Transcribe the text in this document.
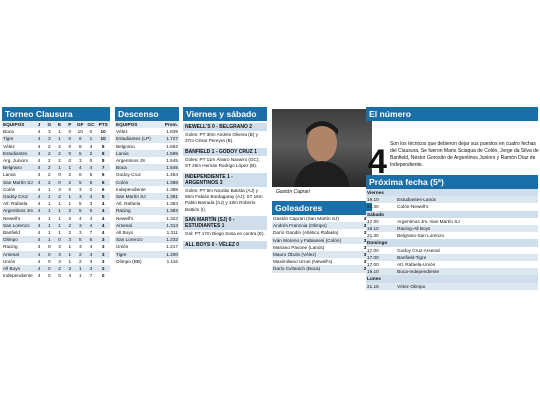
Torneo Clausura
EQUIPOS	J	G	E	P	GF	GC	PTS
Boca	4	3	1	0	10	0	10
Tigre	4	3	1	0	6	1	10
Vélez	4	2	2	0	8	3	8
Estudiantes	4	2	2	0	5	2	8
Arg. Juniors	4	2	2	0	3	0	8
Belgrano	4	2	1	1	4	4	7
Lanús	4	2	0	2	6	5	6
San Martín SJ	4	2	0	2	5	5	6
Colón	4	1	3	0	3	2	6
Godoy Cruz	4	1	2	1	3	4	5
Atl. Rafaela	4	1	1	1	5	3	4
Argentinos Jrs	4	1	1	2	5	5	4
Newell's	4	1	1	2	4	4	4
San Lorenzo	4	1	1	2	3	4	4
Banfield	4	1	1	2	3	7	4
Olimpo	4	1	0	3	5	6	3
Racing	4	0	3	1	3	4	3
Arsenal	4	0	3	1	2	3	3
Unión	4	0	3	1	2	3	3
All Boys	4	0	2	2	1	3	2
Independiente	4	0	0	4	1	7	0
Descenso
EQUIPOS	Prom.
Vélez	1.839
Estudiantes (LP)	1.727
Belgrano	1.652
Lanús	1.595
Argentinos JS	1.545
Boca	1.545
Godoy Cruz	1.484
Colón	1.388
Independiente	1.388
San Martín SJ	1.391
Atl. Rafaela	1.383
Racing	1.383
Newell's	1.323
Arsenal	1.313
All Boys	1.311
San Lorenzo	1.232
Unión	1.217
Tigre	1.200
Olimpo (BB)	1.116
Viernes y sábado
NEWELL'S 0 - BELGRANO 2
Goles: PT 30m Andrés Olivera (B) y 37m César Pereyra (B).
BANFIELD 1 - GODOY CRUZ 1
Goles: PT 11m Álvaro Navarro (GC); ST 26m Hernán Rodrigo López (B).
INDEPENDIENTE 1 - ARGENTINOS 3
Goles: PT 9m Nicolás Batista (AJ) y 55m Fabián Bordagaray (AJ); ST 16m Pablo Barrada (AJ) y 18m Roberto Battión (I).
SAN MARTÍN (SJ) 0 - ESTUDIANTES 1
Gol: PT 17m Diego Sosa en contra (E).
ALL BOYS 0 - VÉLEZ 0
Gastón Caprari
Goleadores
Gastón Caprari (San Martín SJ)	4
Andrés Franzoia (Olimpo)	3
Darío Gandín (Atlético Rafaela)	3
Iván Moreno y Fabianesi (Colón)	3
Mariano Pavone (Lanús)	3
Mauro Óbolo (Vélez)	3
Maximiliano Urruti (Newell's)	3
Darío Cvitanich (Boca)	2
El número
4 Son los técnicos que debieron dejar sus puestos en cuatro fechas del Clausura. Se fueron Mario Sciaqua de Colón, Jorge da Silva de Banfield, Néstor Gorosito de Argentinos Juniors y Ramón Díaz de Independiente.
Próxima fecha (5ª)
Viernes	
19.10	Estudiantes-Lanús
21.30	Colón-Newell's
Sábado	
17.00	Argentinos Jrs.-San Martín SJ
19.10	Racing-All Boys
21.30	Belgrano-San Lorenzo
Domingo	
17.00	Godoy Cruz-Arsenal
17.00	Banfield-Tigre
17.00	Atl. Rafaela-Unión
19.10	Boca-Independiente
Lunes	
21.15	Vélez-Olimpo
